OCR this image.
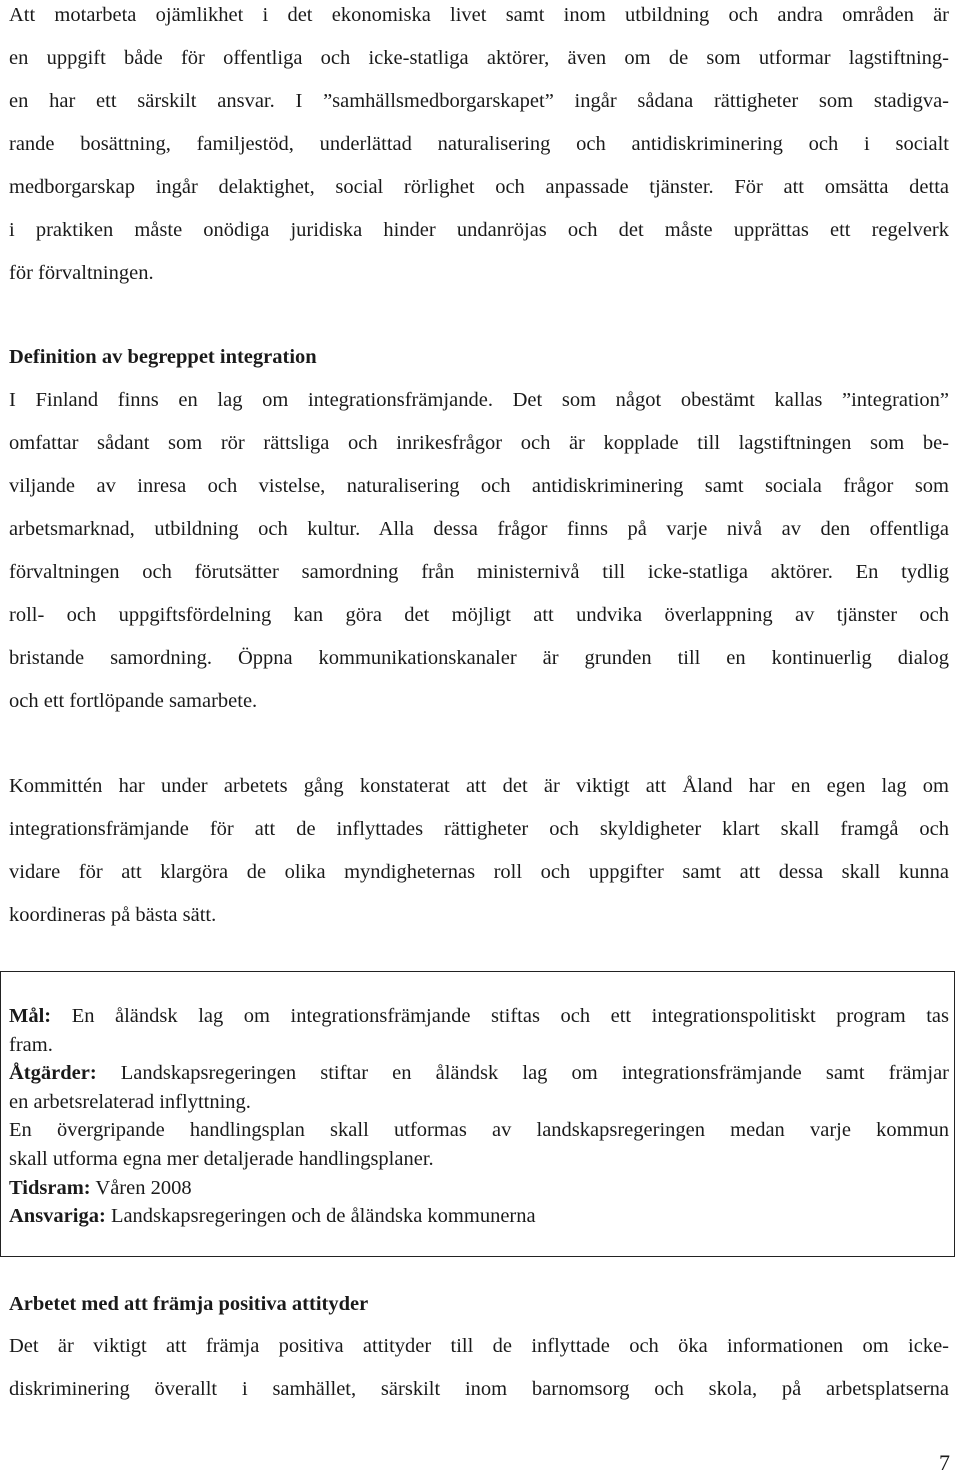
Att motarbeta ojämlikhet i det ekonomiska livet samt inom utbildning och andra områden är
en uppgift både för offentliga och icke-statliga aktörer, även om de som utformar lagstiftning-
en har ett särskilt ansvar. I ”samhällsmedborgarskapet” ingår sådana rättigheter som stadigva-
rande bosättning, familjestöd, underlättad naturalisering och antidiskriminering och i socialt
medborgarskap ingår delaktighet, social rörlighet och anpassade tjänster. För att omsätta detta
i praktiken måste onödiga juridiska hinder undanröjas och det måste upprättas ett regelverk
för förvaltningen.
Definition av begreppet integration
I Finland finns en lag om integrationsfrämjande. Det som något obestämt kallas ”integration”
omfattar sådant som rör rättsliga och inrikesfrågor och är kopplade till lagstiftningen som be-
viljande av inresa och vistelse, naturalisering och antidiskriminering samt sociala frågor som
arbetsmarknad, utbildning och kultur. Alla dessa frågor finns på varje nivå av den offentliga
förvaltningen och förutsätter samordning från ministernivå till icke-statliga aktörer. En tydlig
roll- och uppgiftsfördelning kan göra det möjligt att undvika överlappning av tjänster och
bristande samordning. Öppna kommunikationskanaler är grunden till en kontinuerlig dialog
och ett fortlöpande samarbete.
Kommittén har under arbetets gång konstaterat att det är viktigt att Åland har en egen lag om
integrationsfrämjande för att de inflyttades rättigheter och skyldigheter klart skall framgå och
vidare för att klargöra de olika myndigheternas roll och uppgifter samt att dessa skall kunna
koordineras på bästa sätt.
Mål: En åländsk lag om integrationsfrämjande stiftas och ett integrationspolitiskt program tas
fram.
Åtgärder: Landskapsregeringen stiftar en åländsk lag om integrationsfrämjande samt främjar
en arbetsrelaterad inflyttning.
En övergripande handlingsplan skall utformas av landskapsregeringen medan varje kommun
skall utforma egna mer detaljerade handlingsplaner.
Tidsram: Våren 2008
Ansvariga: Landskapsregeringen och de åländska kommunerna
Arbetet med att främja positiva attityder
Det är viktigt att främja positiva attityder till de inflyttade och öka informationen om icke-
diskriminering överallt i samhället, särskilt inom barnomsorg och skola, på arbetsplatserna
7
